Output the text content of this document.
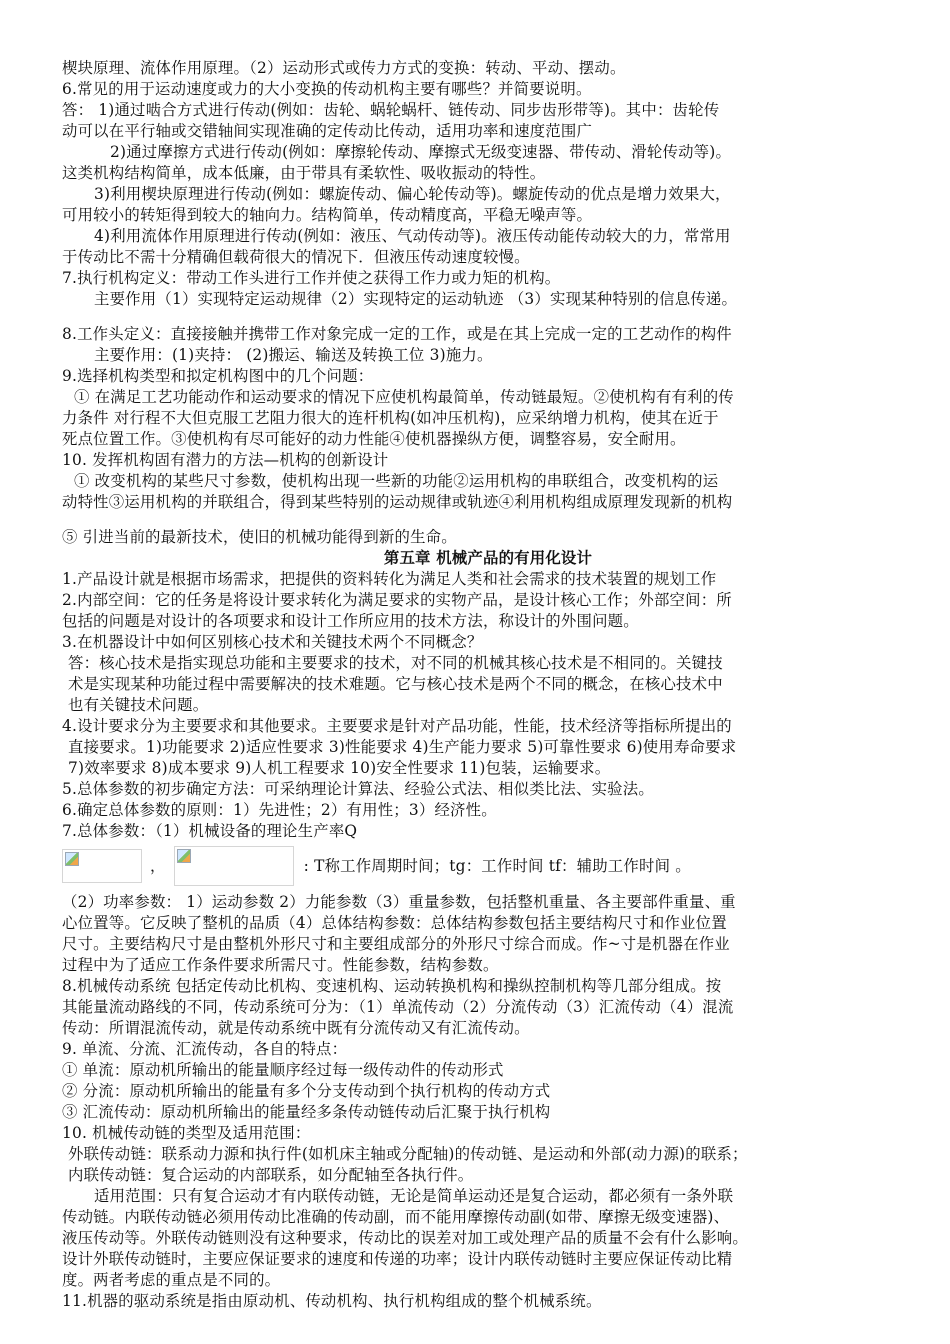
楔块原理、流体作用原理。（2）运动形式或传力方式的变换：转动、平动、摆动。
6.常见的用于运动速度或力的大小变换的传动机构主要有哪些？并简要说明。
答： 1)通过啮合方式进行传动(例如：齿轮、蜗轮蜗杆、链传动、同步齿形带等)。其中：齿轮传
动可以在平行轴或交错轴间实现准确的定传动比传动，适用功率和速度范围广
2)通过摩擦方式进行传动(例如：摩擦轮传动、摩擦式无级变速器、带传动、滑轮传动等)。
这类机构结构简单，成本低廉，由于带具有柔软性、吸收振动的特性。
3)利用楔块原理进行传动(例如：螺旋传动、偏心轮传动等)。螺旋传动的优点是增力效果大，
可用较小的转矩得到较大的轴向力。结构简单，传动精度高，平稳无噪声等。
4)利用流体作用原理进行传动(例如：液压、气动传动等)。液压传动能传动较大的力，常常用
于传动比不需十分精确但载荷很大的情况下．但液压传动速度较慢。
7.执行机构定义：带动工作头进行工作并使之获得工作力或力矩的机构。
主要作用（1）实现特定运动规律（2）实现特定的运动轨迹 （3）实现某种特别的信息传递。
8.工作头定义：直接接触并携带工作对象完成一定的工作，或是在其上完成一定的工艺动作的构件
主要作用：(1)夹持： (2)搬运、输送及转换工位 3)施力。
9.选择机构类型和拟定机构图中的几个问题：
① 在满足工艺功能动作和运动要求的情况下应使机构最简单，传动链最短。②使机构有有利的传
力条件 对行程不大但克服工艺阻力很大的连杆机构(如冲压机构)，应采纳增力机构，使其在近于
死点位置工作。③使机构有尽可能好的动力性能④使机器操纵方便，调整容易，安全耐用。
10. 发挥机构固有潜力的方法—机构的创新设计
① 改变机构的某些尺寸参数，使机构出现一些新的功能②运用机构的串联组合，改变机构的运
动特性③运用机构的并联组合，得到某些特别的运动规律或轨迹④利用机构组成原理发现新的机构
⑤ 引进当前的最新技术，使旧的机械功能得到新的生命。
第五章 机械产品的有用化设计
1.产品设计就是根据市场需求，把提供的资料转化为满足人类和社会需求的技术装置的规划工作
2.内部空间：它的任务是将设计要求转化为满足要求的实物产品，是设计核心工作；外部空间：所
包括的问题是对设计的各项要求和设计工作所应用的技术方法，称设计的外围问题。
3.在机器设计中如何区别核心技术和关键技术两个不同概念？
答：核心技术是指实现总功能和主要要求的技术，对不同的机械其核心技术是不相同的。关键技
术是实现某种功能过程中需要解决的技术难题。它与核心技术是两个不同的概念，在核心技术中
也有关键技术问题。
4.设计要求分为主要要求和其他要求。主要要求是针对产品功能，性能，技术经济等指标所提出的
直接要求。1)功能要求 2)适应性要求 3)性能要求 4)生产能力要求 5)可靠性要求 6)使用寿命要求
7)效率要求 8)成本要求 9)人机工程要求 10)安全性要求 11)包装，运输要求。
5.总体参数的初步确定方法：可采纳理论计算法、经验公式法、相似类比法、实验法。
6.确定总体参数的原则：1）先进性；2）有用性；3）经济性。
7.总体参数：（1）机械设备的理论生产率Q
，	: T称工作周期时间；tg：工作时间 tf：辅助工作时间 。
（2）功率参数： 1）运动参数 2）力能参数（3）重量参数，包括整机重量、各主要部件重量、重
心位置等。它反映了整机的品质（4）总体结构参数：总体结构参数包括主要结构尺寸和作业位置
尺寸。主要结构尺寸是由整机外形尺寸和主要组成部分的外形尺寸综合而成。作~寸是机器在作业
过程中为了适应工作条件要求所需尺寸。性能参数，结构参数。
8.机械传动系统 包括定传动比机构、变速机构、运动转换机构和操纵控制机构等几部分组成。按
其能量流动路线的不同，传动系统可分为：（1）单流传动（2）分流传动（3）汇流传动（4）混流
传动：所谓混流传动，就是传动系统中既有分流传动又有汇流传动。
9. 单流、分流、汇流传动，各自的特点：
① 单流：原动机所输出的能量顺序经过每一级传动件的传动形式
② 分流：原动机所输出的能量有多个分支传动到个执行机构的传动方式
③ 汇流传动：原动机所输出的能量经多条传动链传动后汇聚于执行机构
10. 机械传动链的类型及适用范围：
外联传动链：联系动力源和执行件(如机床主轴或分配轴)的传动链、是运动和外部(动力源)的联系；
内联传动链：复合运动的内部联系，如分配轴至各执行件。
适用范围：只有复合运动才有内联传动链，无论是简单运动还是复合运动，都必须有一条外联
传动链。内联传动链必须用传动比准确的传动副，而不能用摩擦传动副(如带、摩擦无级变速器)、
液压传动等。外联传动链则没有这种要求，传动比的误差对加工或处理产品的质量不会有什么影响。
设计外联传动链时，主要应保证要求的速度和传递的功率；设计内联传动链时主要应保证传动比精
度。两者考虑的重点是不同的。
11.机器的驱动系统是指由原动机、传动机构、执行机构组成的整个机械系统。
